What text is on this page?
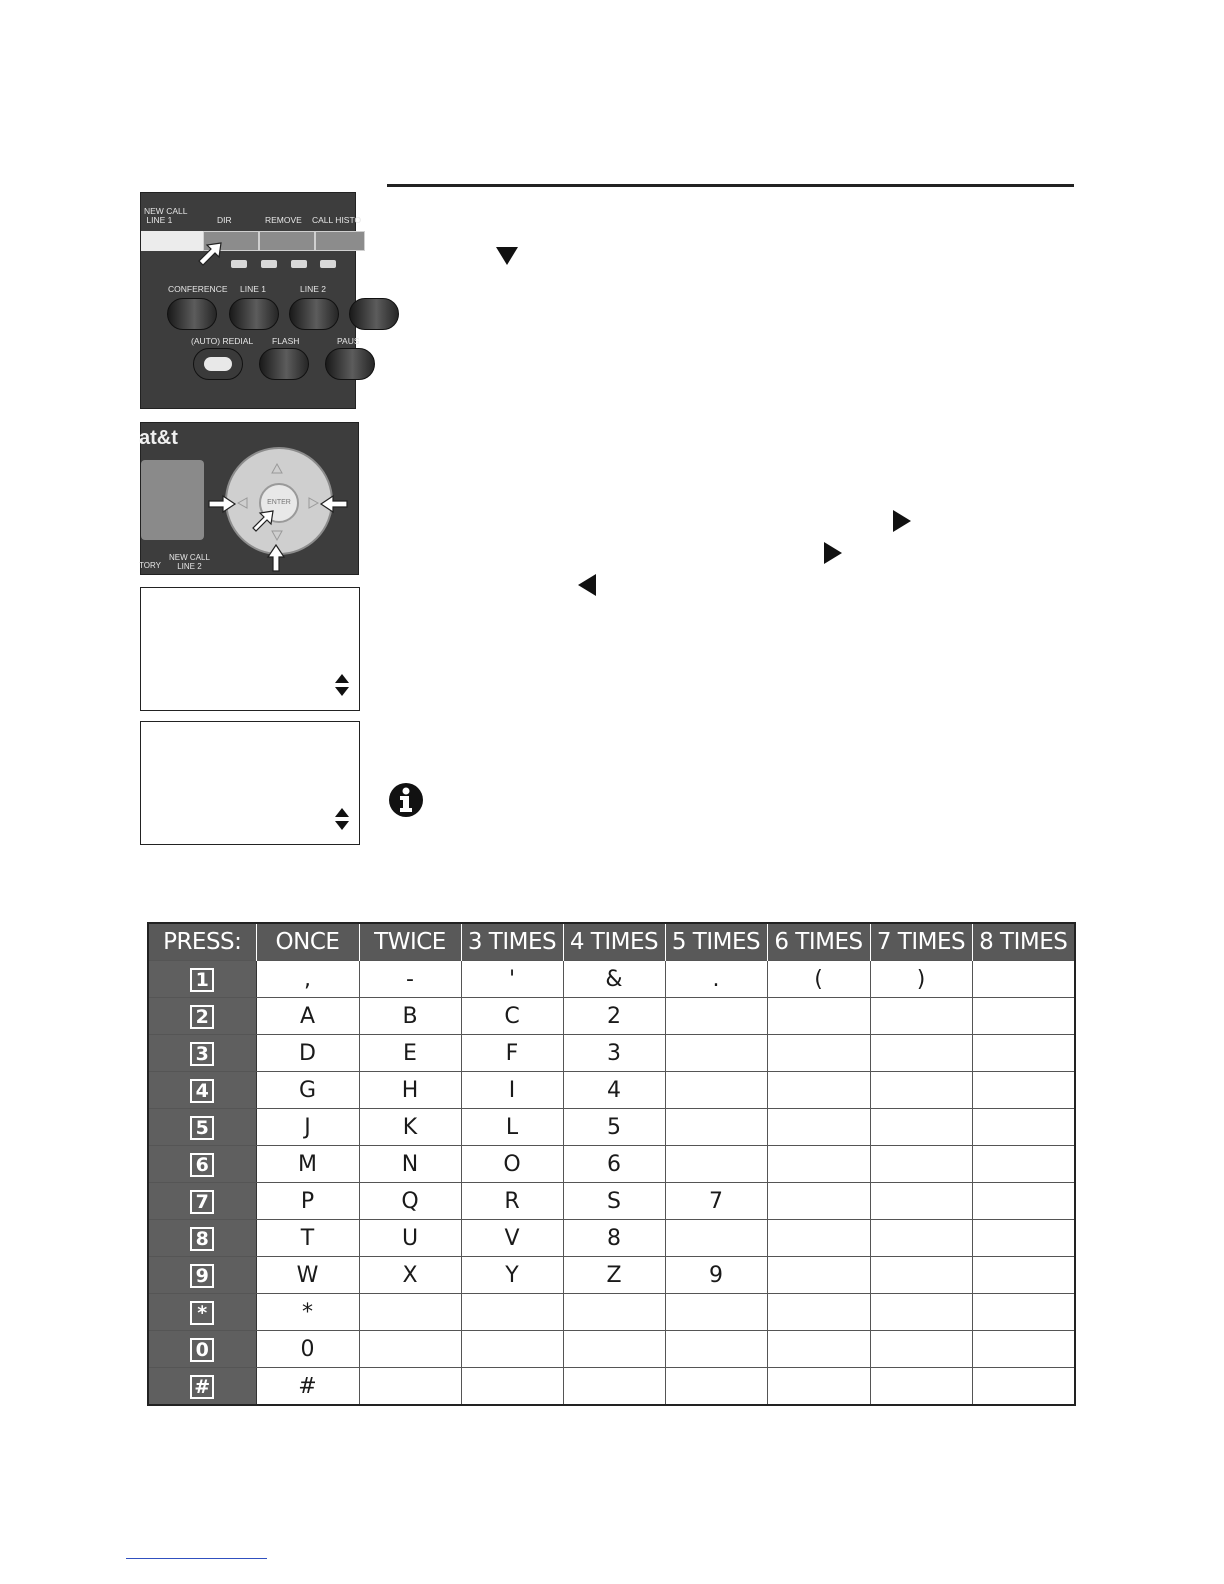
NEW CALL
LINE 1	DIR	REMOVE CALL HISTO
CONFERENCE LINE 1	LINE 2
(AUTO) REDIAL FLASH	PAUS
at&t
ENTER
TORY
NEW CALL
LINE 2
PRESS:	ONCE	TWICE	3 TIMES	4 TIMES	5 TIMES	6 TIMES	7 TIMES	8 TIMES
1	,	-	'	&	.	(	)	
2	A	B	C	2				
3	D	E	F	3				
4	G	H	I	4				
5	J	K	L	5				
6	M	N	O	6				
7	P	Q	R	S	7			
8	T	U	V	8				
9	W	X	Y	Z	9			
*	*							
0	0							
#	#							
